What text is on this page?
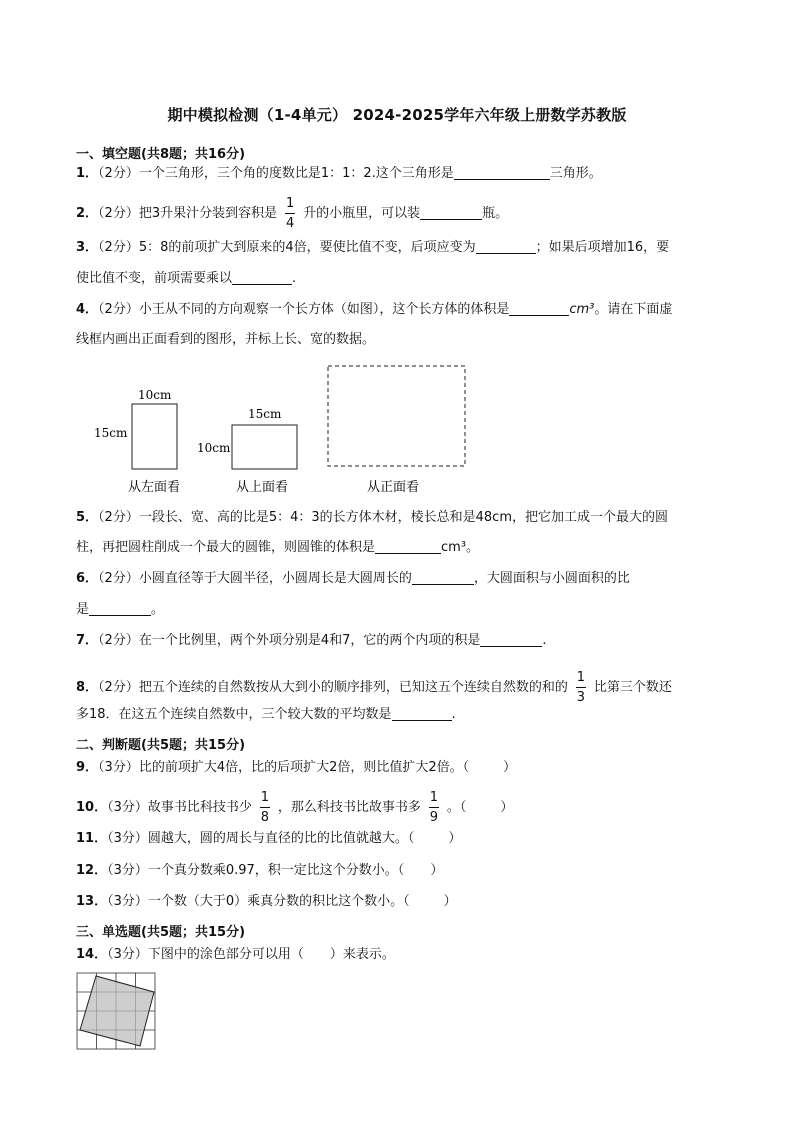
期中模拟检测（1-4单元） 2024-2025学年六年级上册数学苏教版
一、填空题(共8题；共16分)
1．（2分）一个三角形，三个角的度数比是1：1：2.这个三角形是	三角形。
2．（2分）把3升果汁分装到容积是 $\frac{1}{4}$ 升的小瓶里，可以装	瓶。
3．（2分）5：8的前项扩大到原来的4倍，要使比值不变，后项应变为	；如果后项增加16，要
使比值不变，前项需要乘以	.
4．（2分）小王从不同的方向观察一个长方体（如图），这个长方体的体积是	cm³。请在下面虚
线框内画出正面看到的图形，并标上长、宽的数据。
10cm
15cm
从左面看
15cm
10cm
从上面看	从正面看
5．（2分）一段长、宽、高的比是5：4：3的长方体木材，棱长总和是48cm，把它加工成一个最大的圆
柱，再把圆柱削成一个最大的圆锥，则圆锥的体积是	cm³。
6．（2分）小圆直径等于大圆半径，小圆周长是大圆周长的	，大圆面积与小圆面积的比
是	。
7．（2分）在一个比例里，两个外项分别是4和7，它的两个内项的积是	.
8．（2分）把五个连续的自然数按从大到小的顺序排列，已知这五个连续自然数的和的 $\frac{1}{3}$ 比第三个数还
多18．在这五个连续自然数中，三个较大数的平均数是	.
二、判断题(共5题；共15分)
9．（3分）比的前项扩大4倍，比的后项扩大2倍，则比值扩大2倍。（	）
10．（3分）故事书比科技书少 $\frac{1}{8}$ ，那么科技书比故事书多 $\frac{1}{9}$ 。（	）
11．（3分）圆越大，圆的周长与直径的比的比值就越大。（	）
12．（3分）一个真分数乘0.97，积一定比这个分数小。（ ）
13．（3分）一个数（大于0）乘真分数的积比这个数小。（	）
三、单选题(共5题；共15分)
14．（3分）下图中的涂色部分可以用（ ）来表示。
